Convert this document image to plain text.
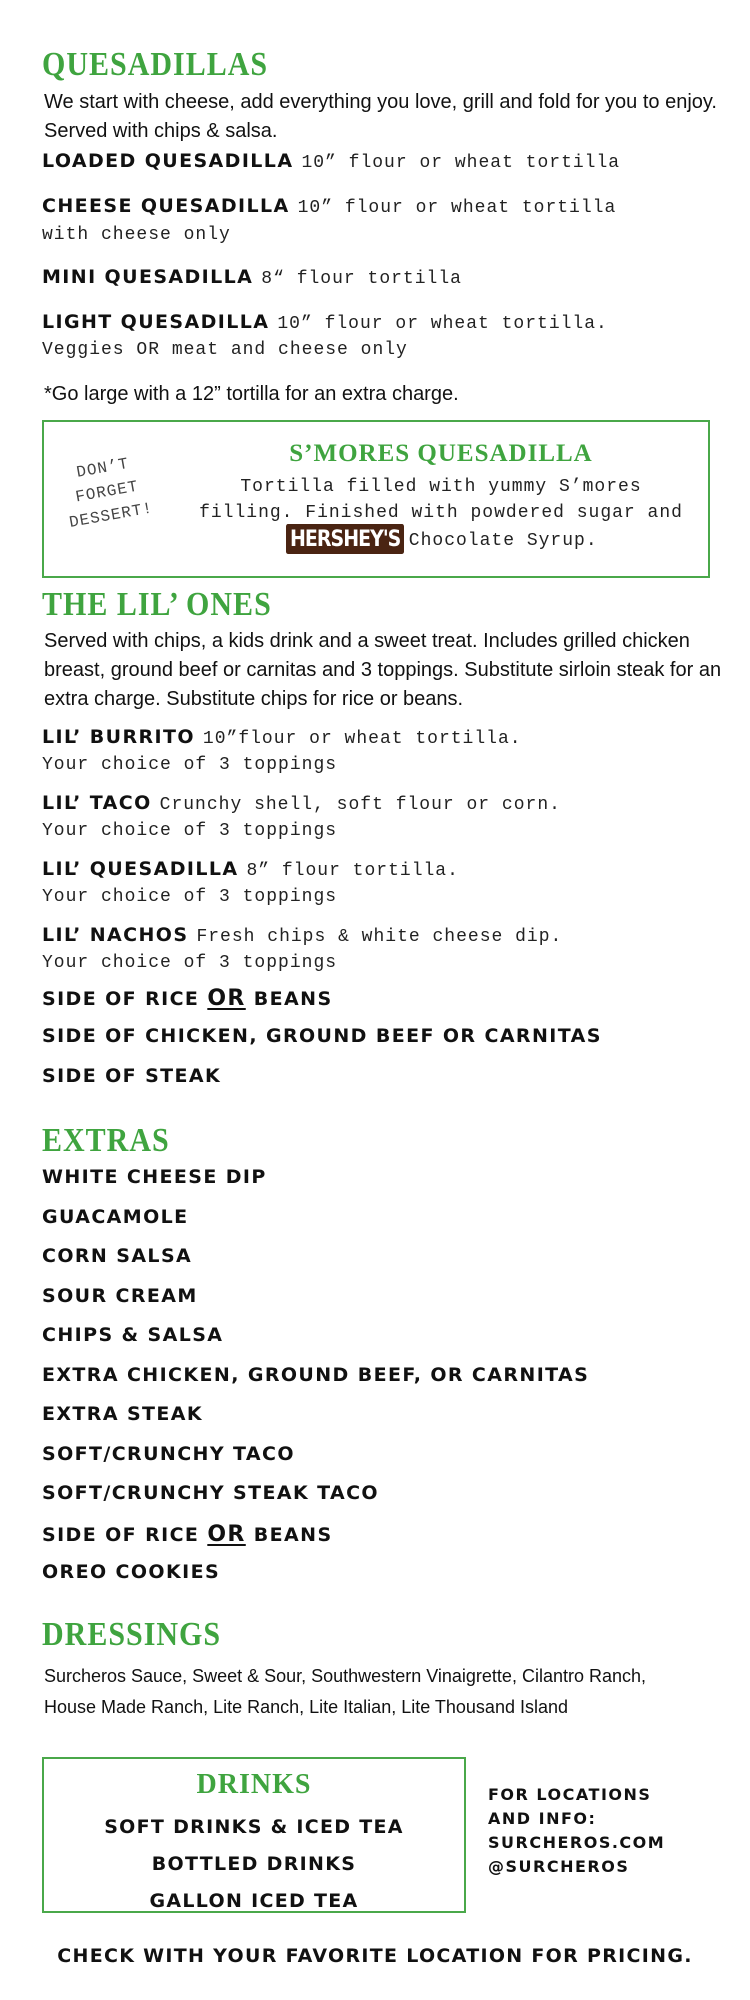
QUESADILLAS
We start with cheese, add everything you love, grill and fold for you to enjoy. Served with chips & salsa.
LOADED QUESADILLA 10” flour or wheat tortilla
CHEESE QUESADILLA 10” flour or wheat tortilla
with cheese only
MINI QUESADILLA 8“ flour tortilla
LIGHT QUESADILLA 10” flour or wheat tortilla.
Veggies OR meat and cheese only
*Go large with a 12” tortilla for an extra charge.
DON’T
FORGET
DESSERT!
S’MORES QUESADILLA
Tortilla filled with yummy S’mores
filling. Finished with powdered sugar and
HERSHEY'S Chocolate Syrup.
THE LIL’ ONES
Served with chips, a kids drink and a sweet treat. Includes grilled chicken breast, ground beef or carnitas and 3 toppings. Substitute sirloin steak for an extra charge. Substitute chips for rice or beans.
LIL’ BURRITO 10”flour or wheat tortilla.
Your choice of 3 toppings
LIL’ TACO Crunchy shell, soft flour or corn.
Your choice of 3 toppings
LIL’ QUESADILLA 8” flour tortilla.
Your choice of 3 toppings
LIL’ NACHOS Fresh chips & white cheese dip.
Your choice of 3 toppings
SIDE OF RICE OR BEANS
SIDE OF CHICKEN, GROUND BEEF OR CARNITAS
SIDE OF STEAK
EXTRAS
WHITE CHEESE DIP
GUACAMOLE
CORN SALSA
SOUR CREAM
CHIPS & SALSA
EXTRA CHICKEN, GROUND BEEF, OR CARNITAS
EXTRA STEAK
SOFT/CRUNCHY TACO
SOFT/CRUNCHY STEAK TACO
SIDE OF RICE OR BEANS
OREO COOKIES
DRESSINGS
Surcheros Sauce, Sweet & Sour, Southwestern Vinaigrette, Cilantro Ranch,
House Made Ranch, Lite Ranch, Lite Italian, Lite Thousand Island
DRINKS
SOFT DRINKS & ICED TEA
BOTTLED DRINKS
GALLON ICED TEA
FOR LOCATIONS
AND INFO:
SURCHEROS.COM
@SURCHEROS
CHECK WITH YOUR FAVORITE LOCATION FOR PRICING.
